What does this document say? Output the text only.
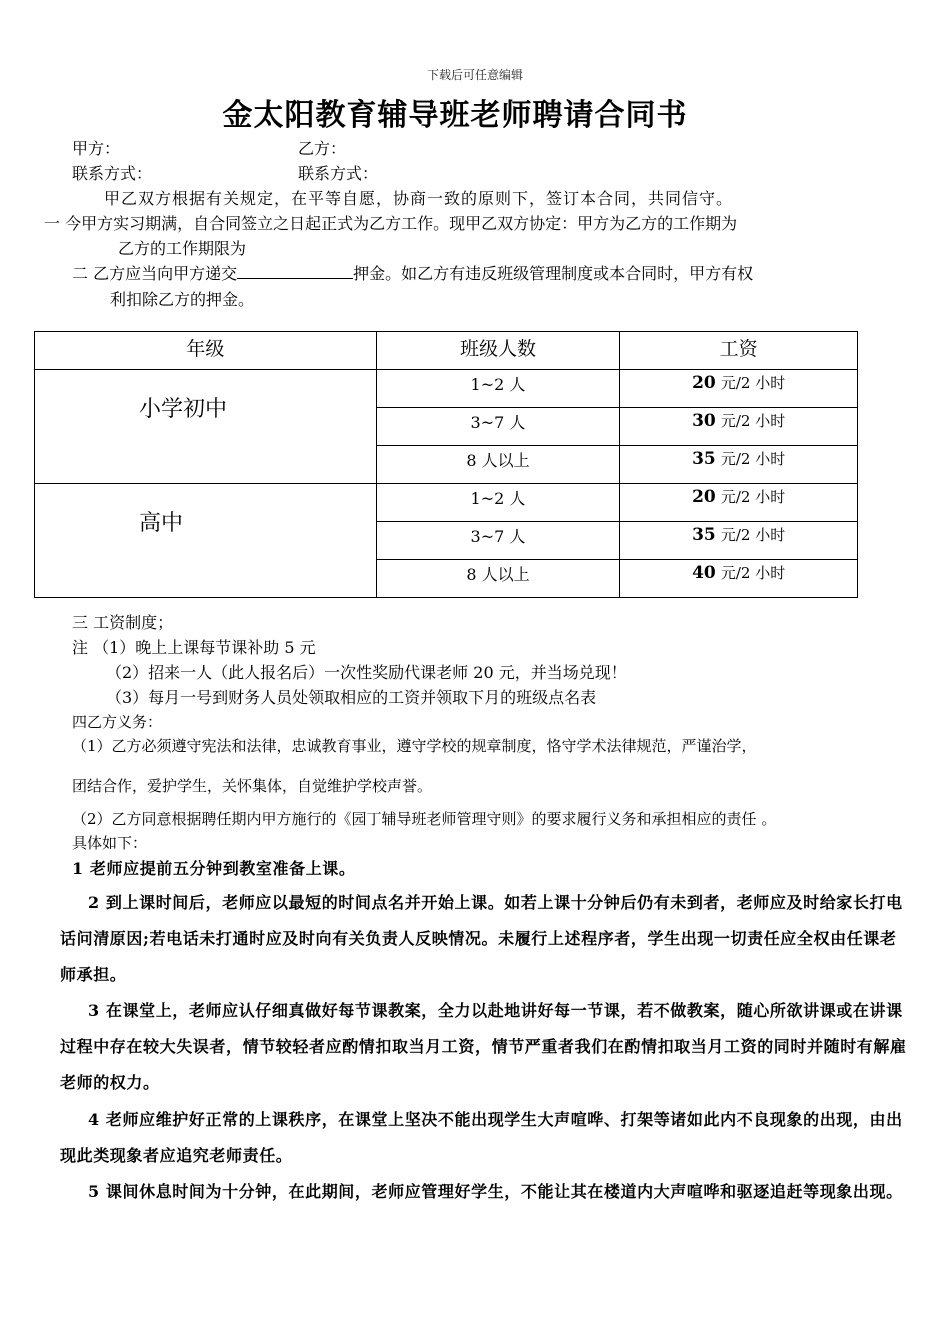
下载后可任意编辑
金太阳教育辅导班老师聘请合同书
甲方：	乙方：
联系方式：	联系方式：
甲乙双方根据有关规定，在平等自愿，协商一致的原则下，签订本合同，共同信守。
一 今甲方实习期满，自合同签立之日起正式为乙方工作。现甲乙双方协定：甲方为乙方的工作期为
乙方的工作期限为
二 乙方应当向甲方递交	押金。如乙方有违反班级管理制度或本合同时，甲方有权
利扣除乙方的押金。
年级	班级人数	工资

小学初中	1~2 人	20 元/2 小时
	3~7 人	30 元/2 小时
	8 人以上	35 元/2 小时

高中	1~2 人	20 元/2 小时
	3~7 人	35 元/2 小时
	8 人以上	40 元/2 小时
三 工资制度；
注 （1）晚上上课每节课补助 5 元
（2）招来一人（此人报名后）一次性奖励代课老师 20 元，并当场兑现！
（3）每月一号到财务人员处领取相应的工资并领取下月的班级点名表
四乙方义务：
（1）乙方必须遵守宪法和法律，忠诚教育事业，遵守学校的规章制度，恪守学术法律规范，严谨治学，
团结合作，爱护学生，关怀集体，自觉维护学校声誉。
（2）乙方同意根据聘任期内甲方施行的《园丁辅导班老师管理守则》的要求履行义务和承担相应的责任 。
具体如下：
1 老师应提前五分钟到教室准备上课。
2 到上课时间后，老师应以最短的时间点名并开始上课。如若上课十分钟后仍有未到者，老师应及时给家长打电话问清原因;若电话未打通时应及时向有关负责人反映情况。未履行上述程序者，学生出现一切责任应全权由任课老师承担。
3 在课堂上，老师应认仔细真做好每节课教案，全力以赴地讲好每一节课，若不做教案，随心所欲讲课或在讲课过程中存在较大失误者，情节较轻者应酌情扣取当月工资，情节严重者我们在酌情扣取当月工资的同时并随时有解雇老师的权力。
4 老师应维护好正常的上课秩序，在课堂上坚决不能出现学生大声喧哗、打架等诸如此内不良现象的出现，由出现此类现象者应追究老师责任。
5 课间休息时间为十分钟，在此期间，老师应管理好学生，不能让其在楼道内大声喧哗和驱逐追赶等现象出现。
